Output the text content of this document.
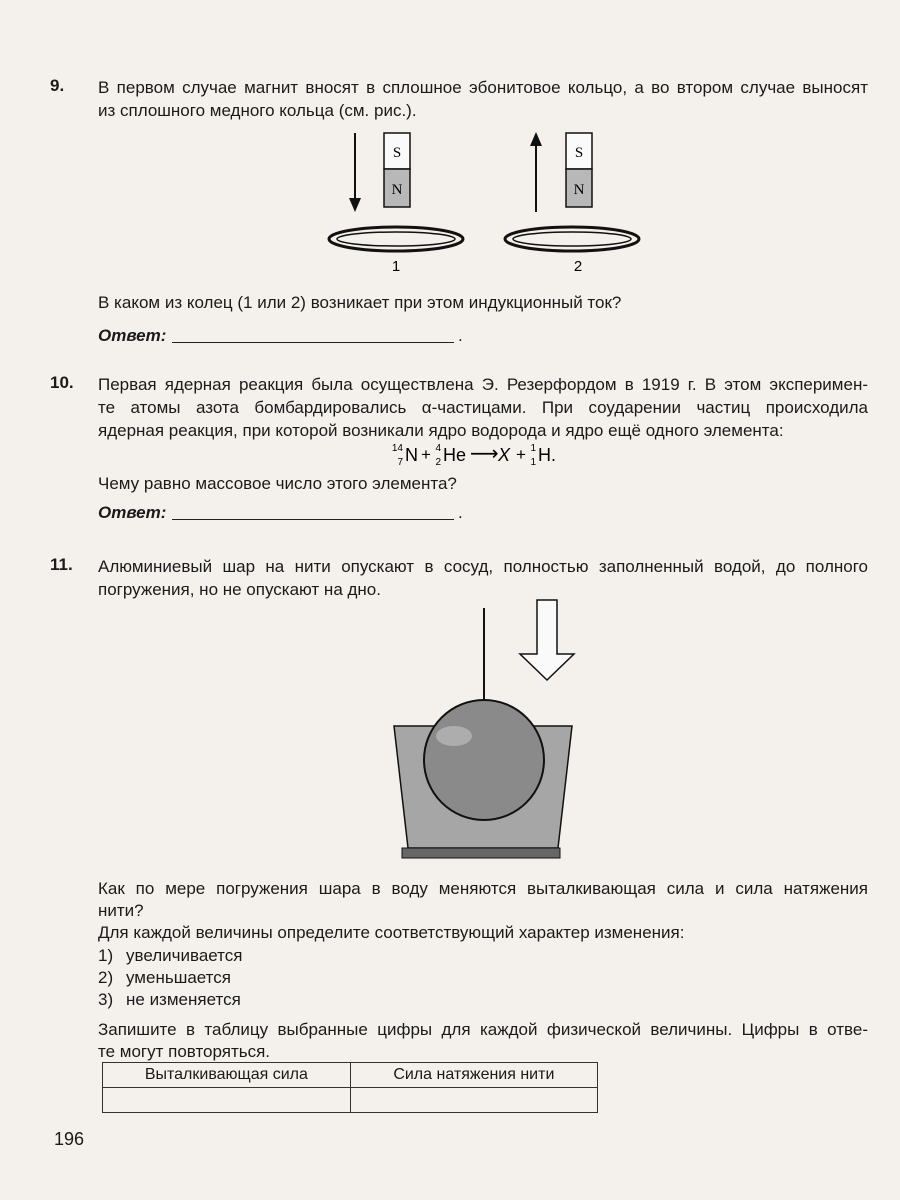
9. В первом случае магнит вносят в сплошное эбонитовое кольцо, а во втором случае выносят
из сплошного медного кольца (см. рис.).
S
N
1
S
N
2
В каком из колец (1 или 2) возникает при этом индукционный ток?
Ответ:	.
10. Первая ядерная реакция была осуществлена Э. Резерфордом в 1919 г. В этом эксперимен-
те атомы азота бомбардировались α-частицами. При соударении частиц происходила
ядерная реакция, при которой возникали ядро водорода и ядро ещё одного элемента:
14
7 N + 4
2 He ⟶ X + 1
1 H.
Чему равно массовое число этого элемента?
Ответ:	.
11. Алюминиевый шар на нити опускают в сосуд, полностью заполненный водой, до полного
погружения, но не опускают на дно.
Как по мере погружения шара в воду меняются выталкивающая сила и сила натяжения
нити?
Для каждой величины определите соответствующий характер изменения:
1) увеличивается
2) уменьшается
3) не изменяется
Запишите в таблицу выбранные цифры для каждой физической величины. Цифры в отве-
те могут повторяться.
Выталкивающая сила	Сила натяжения нити

196
